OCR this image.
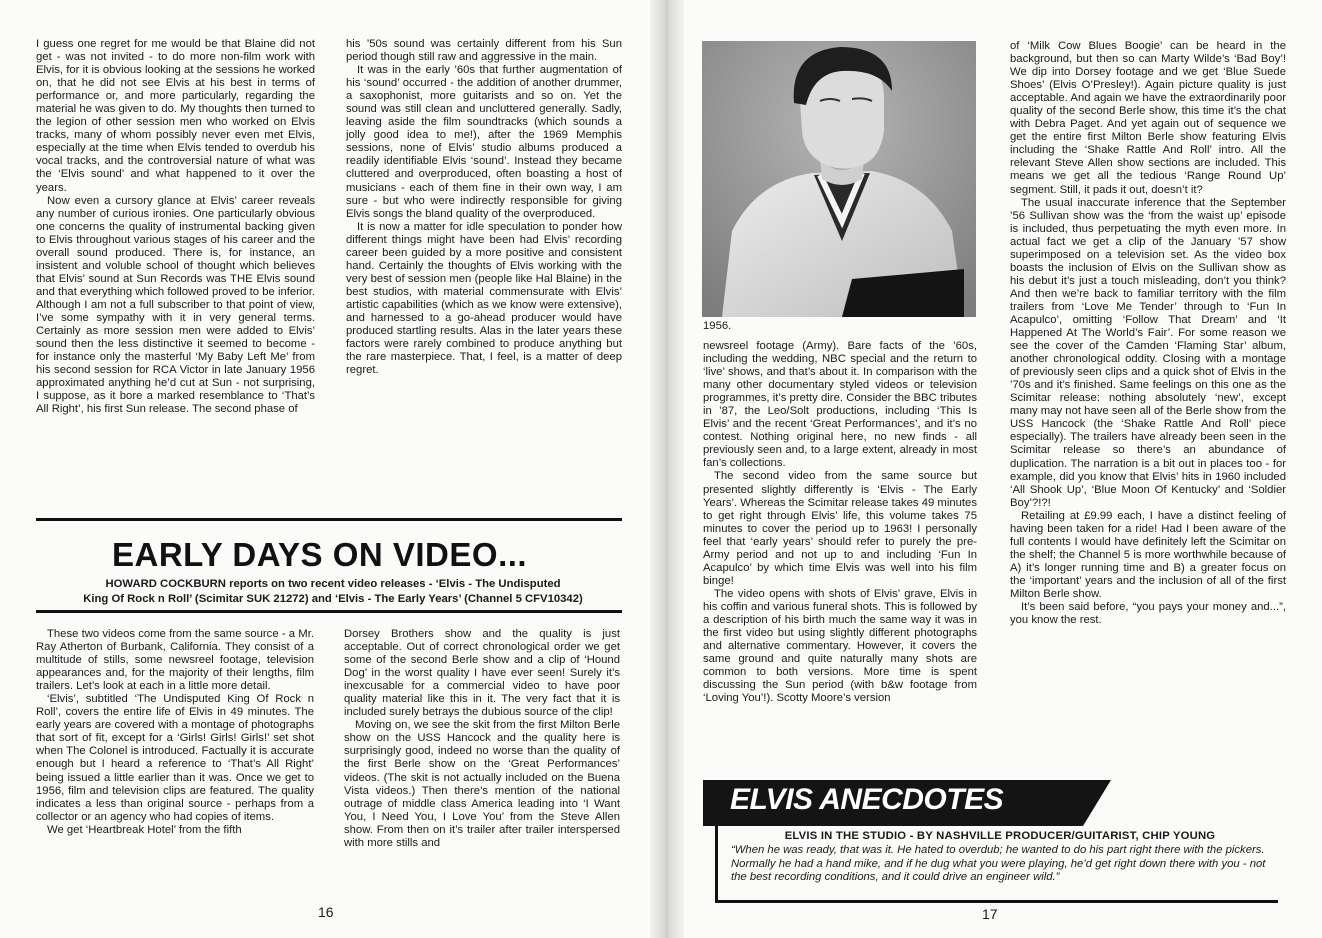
I guess one regret for me would be that Blaine did not get - was not invited - to do more non-film work with Elvis, for it is obvious looking at the sessions he worked on, that he did not see Elvis at his best in terms of performance or, and more particularly, regarding the material he was given to do. My thoughts then turned to the legion of other session men who worked on Elvis tracks, many of whom possibly never even met Elvis, especially at the time when Elvis tended to overdub his vocal tracks, and the controversial nature of what was the ‘Elvis sound’ and what happened to it over the years.

Now even a cursory glance at Elvis’ career reveals any number of curious ironies. One particularly obvious one concerns the quality of instrumental backing given to Elvis throughout various stages of his career and the overall sound produced. There is, for instance, an insistent and voluble school of thought which believes that Elvis’ sound at Sun Records was THE Elvis sound and that everything which followed proved to be inferior. Although I am not a full subscriber to that point of view, I’ve some sympathy with it in very general terms. Certainly as more session men were added to Elvis’ sound then the less distinctive it seemed to become - for instance only the masterful ‘My Baby Left Me’ from his second session for RCA Victor in late January 1956 approximated anything he’d cut at Sun - not surprising, I suppose, as it bore a marked resemblance to ‘That’s All Right’, his first Sun release. The second phase of

his ’50s sound was certainly different from his Sun period though still raw and aggressive in the main.

It was in the early ’60s that further augmentation of his ‘sound’ occurred - the addition of another drummer, a saxophonist, more guitarists and so on. Yet the sound was still clean and uncluttered generally. Sadly, leaving aside the film soundtracks (which sounds a jolly good idea to me!), after the 1969 Memphis sessions, none of Elvis’ studio albums produced a readily identifiable Elvis ‘sound’. Instead they became cluttered and overproduced, often boasting a host of musicians - each of them fine in their own way, I am sure - but who were indirectly responsible for giving Elvis songs the bland quality of the overproduced.

It is now a matter for idle speculation to ponder how different things might have been had Elvis’ recording career been guided by a more positive and consistent hand. Certainly the thoughts of Elvis working with the very best of session men (people like Hal Blaine) in the best studios, with material commensurate with Elvis’ artistic capabilities (which as we know were extensive), and harnessed to a go-ahead producer would have produced startling results. Alas in the later years these factors were rarely combined to produce anything but the rare masterpiece. That, I feel, is a matter of deep regret.

EARLY DAYS ON VIDEO...
HOWARD COCKBURN reports on two recent video releases - ‘Elvis - The Undisputed
King Of Rock n Roll’ (Scimitar SUK 21272) and ‘Elvis - The Early Years’ (Channel 5 CFV10342)

These two videos come from the same source - a Mr. Ray Atherton of Burbank, California. They consist of a multitude of stills, some newsreel footage, television appearances and, for the majority of their lengths, film trailers. Let’s look at each in a little more detail.

‘Elvis’, subtitled ‘The Undisputed King Of Rock n Roll’, covers the entire life of Elvis in 49 minutes. The early years are covered with a montage of photographs that sort of fit, except for a ‘Girls! Girls! Girls!’ set shot when The Colonel is introduced. Factually it is accurate enough but I heard a reference to ‘That’s All Right’ being issued a little earlier than it was. Once we get to 1956, film and television clips are featured. The quality indicates a less than original source - perhaps from a collector or an agency who had copies of items.

We get ‘Heartbreak Hotel’ from the fifth

Dorsey Brothers show and the quality is just acceptable. Out of correct chronological order we get some of the second Berle show and a clip of ‘Hound Dog’ in the worst quality I have ever seen! Surely it’s inexcusable for a commercial video to have poor quality material like this in it. The very fact that it is included surely betrays the dubious source of the clip!

Moving on, we see the skit from the first Milton Berle show on the USS Hancock and the quality here is surprisingly good, indeed no worse than the quality of the first Berle show on the ‘Great Performances’ videos. (The skit is not actually included on the Buena Vista videos.) Then there’s mention of the national outrage of middle class America leading into ‘I Want You, I Need You, I Love You’ from the Steve Allen show. From then on it’s trailer after trailer interspersed with more stills and

16
1956.

newsreel footage (Army). Bare facts of the ’60s, including the wedding, NBC special and the return to ‘live’ shows, and that’s about it. In comparison with the many other documentary styled videos or television programmes, it’s pretty dire. Consider the BBC tributes in ’87, the Leo/Solt productions, including ‘This Is Elvis’ and the recent ‘Great Performances’, and it’s no contest. Nothing original here, no new finds - all previously seen and, to a large extent, already in most fan’s collections.

The second video from the same source but presented slightly differently is ‘Elvis - The Early Years’. Whereas the Scimitar release takes 49 minutes to get right through Elvis’ life, this volume takes 75 minutes to cover the period up to 1963! I personally feel that ‘early years’ should refer to purely the pre-Army period and not up to and including ‘Fun In Acapulco’ by which time Elvis was well into his film binge!

The video opens with shots of Elvis’ grave, Elvis in his coffin and various funeral shots. This is followed by a description of his birth much the same way it was in the first video but using slightly different photographs and alternative commentary. However, it covers the same ground and quite naturally many shots are common to both versions. More time is spent discussing the Sun period (with b&w footage from ‘Loving You’!). Scotty Moore’s version

of ‘Milk Cow Blues Boogie’ can be heard in the background, but then so can Marty Wilde’s ‘Bad Boy’! We dip into Dorsey footage and we get ‘Blue Suede Shoes’ (Elvis O’Presley!). Again picture quality is just acceptable. And again we have the extraordinarily poor quality of the second Berle show, this time it’s the chat with Debra Paget. And yet again out of sequence we get the entire first Milton Berle show featuring Elvis including the ‘Shake Rattle And Roll’ intro. All the relevant Steve Allen show sections are included. This means we get all the tedious ‘Range Round Up’ segment. Still, it pads it out, doesn’t it?

The usual inaccurate inference that the September ’56 Sullivan show was the ‘from the waist up’ episode is included, thus perpetuating the myth even more. In actual fact we get a clip of the January ’57 show superimposed on a television set. As the video box boasts the inclusion of Elvis on the Sullivan show as his debut it’s just a touch misleading, don’t you think? And then we’re back to familiar territory with the film trailers from ‘Love Me Tender’ through to ‘Fun In Acapulco’, omitting ‘Follow That Dream’ and ‘It Happened At The World’s Fair’. For some reason we see the cover of the Camden ‘Flaming Star’ album, another chronological oddity. Closing with a montage of previously seen clips and a quick shot of Elvis in the ’70s and it’s finished. Same feelings on this one as the Scimitar release: nothing absolutely ‘new’, except many may not have seen all of the Berle show from the USS Hancock (the ‘Shake Rattle And Roll’ piece especially). The trailers have already been seen in the Scimitar release so there’s an abundance of duplication. The narration is a bit out in places too - for example, did you know that Elvis’ hits in 1960 included ‘All Shook Up’, ‘Blue Moon Of Kentucky’ and ‘Soldier Boy’?!?!

Retailing at £9.99 each, I have a distinct feeling of having been taken for a ride! Had I been aware of the full contents I would have definitely left the Scimitar on the shelf; the Channel 5 is more worthwhile because of A) it’s longer running time and B) a greater focus on the ‘important’ years and the inclusion of all of the first Milton Berle show.

It’s been said before, “you pays your money and...”, you know the rest.

ELVIS ANECDOTES
ELVIS IN THE STUDIO - BY NASHVILLE PRODUCER/GUITARIST, CHIP YOUNG
“When he was ready, that was it. He hated to overdub; he wanted to do his part right there with the pickers. Normally he had a hand mike, and if he dug what you were playing, he’d get right down there with you - not the best recording conditions, and it could drive an engineer wild.”
17
